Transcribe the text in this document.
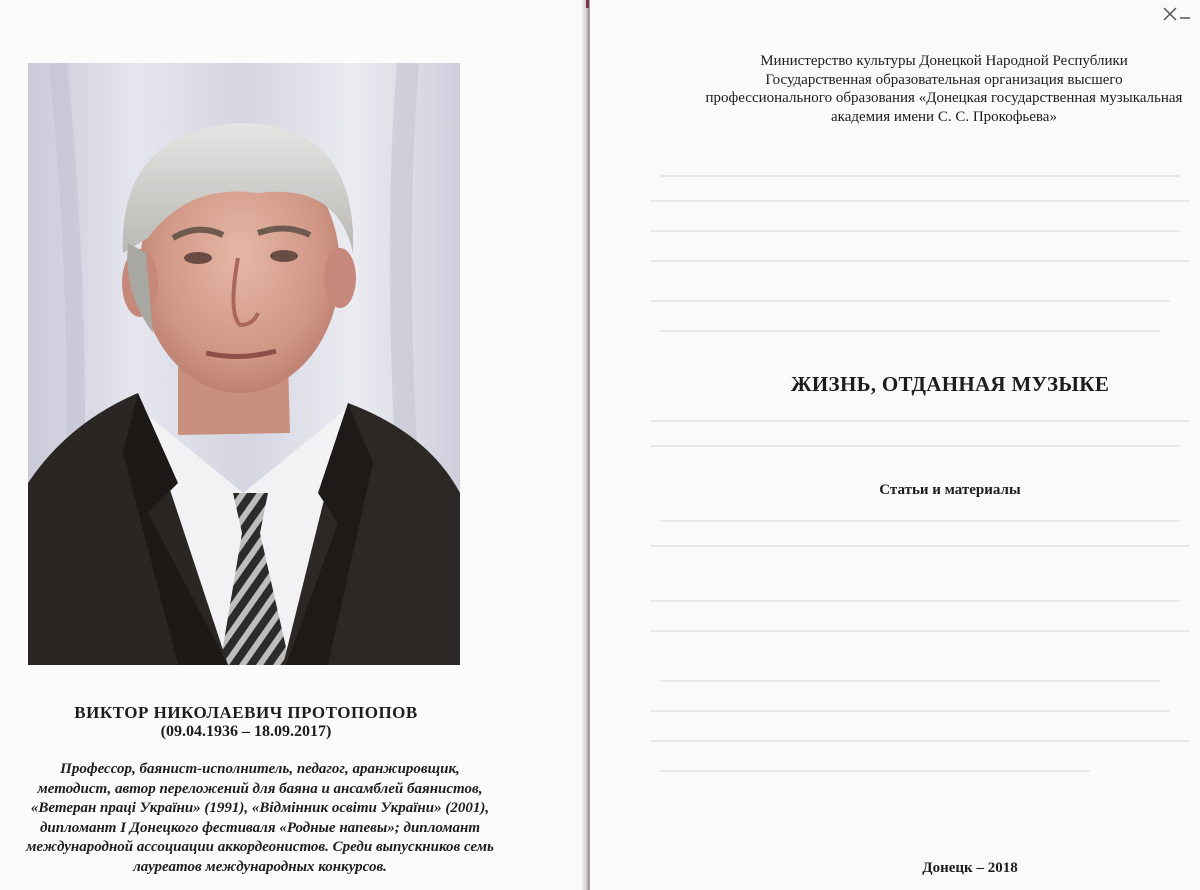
ВИКТОР НИКОЛАЕВИЧ ПРОТОПОПОВ
(09.04.1936 – 18.09.2017)
Профессор, баянист-исполнитель, педагог, аранжировщик,
методист, автор переложений для баяна и ансамблей баянистов,
«Ветеран праці України» (1991), «Відмінник освіти України» (2001),
дипломант I Донецкого фестиваля «Родные напевы»; дипломант
международной ассоциации аккордеонистов. Среди выпускников семь
лауреатов международных конкурсов.
Министерство культуры Донецкой Народной Республики
Государственная образовательная организация высшего
профессионального образования «Донецкая государственная музыкальная
академия имени С. С. Прокофьева»
ЖИЗНЬ, ОТДАННАЯ МУЗЫКЕ
Статьи и материалы
Донецк – 2018
